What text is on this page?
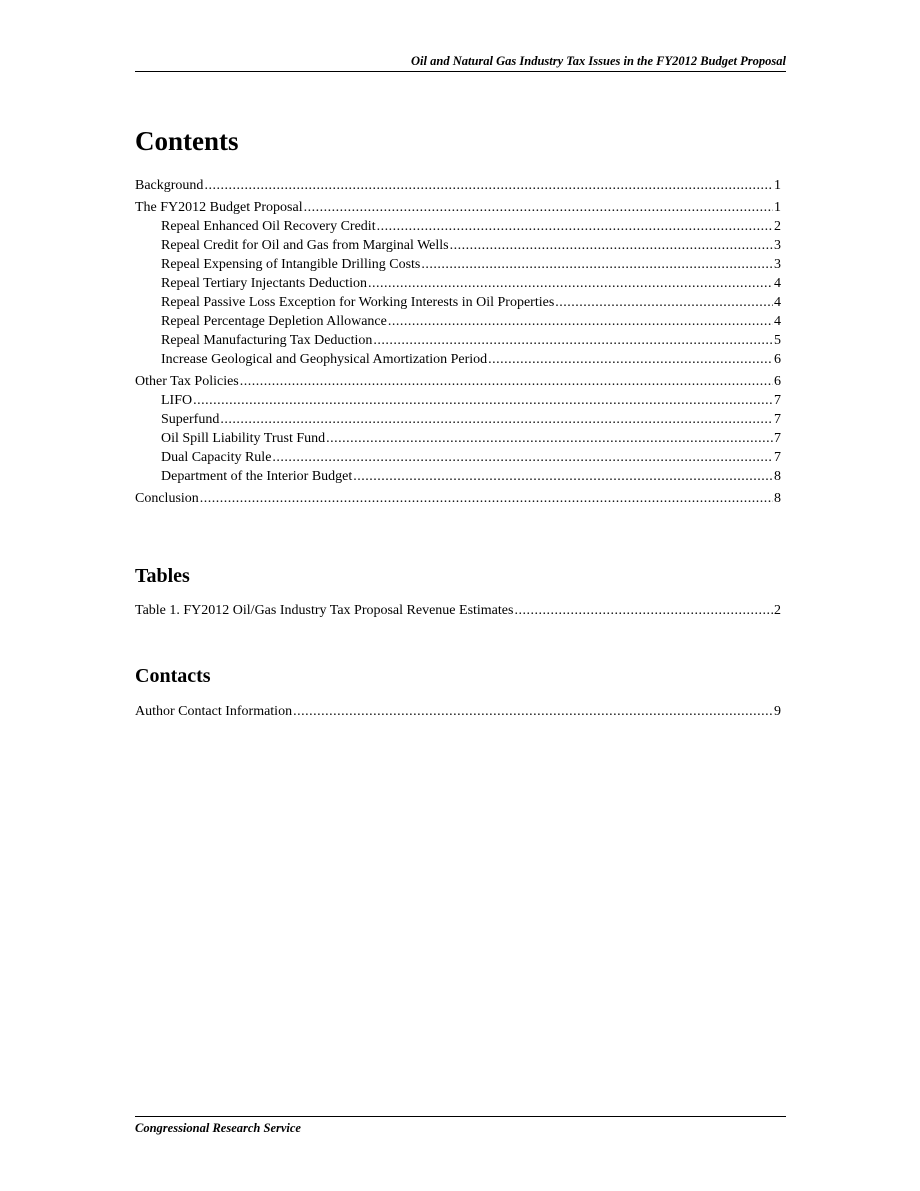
Oil and Natural Gas Industry Tax Issues in the FY2012 Budget Proposal
Contents
Background .....	1
The FY2012 Budget Proposal .....	1
Repeal Enhanced Oil Recovery Credit .....	2
Repeal Credit for Oil and Gas from Marginal Wells .....	3
Repeal Expensing of Intangible Drilling Costs .....	3
Repeal Tertiary Injectants Deduction .....	4
Repeal Passive Loss Exception for Working Interests in Oil Properties .....	4
Repeal Percentage Depletion Allowance .....	4
Repeal Manufacturing Tax Deduction .....	5
Increase Geological and Geophysical Amortization Period .....	6
Other Tax Policies .....	6
LIFO .....	7
Superfund .....	7
Oil Spill Liability Trust Fund .....	7
Dual Capacity Rule .....	7
Department of the Interior Budget .....	8
Conclusion .....	8
Tables
Table 1. FY2012 Oil/Gas Industry Tax Proposal Revenue Estimates .....	2
Contacts
Author Contact Information .....	9
Congressional Research Service
